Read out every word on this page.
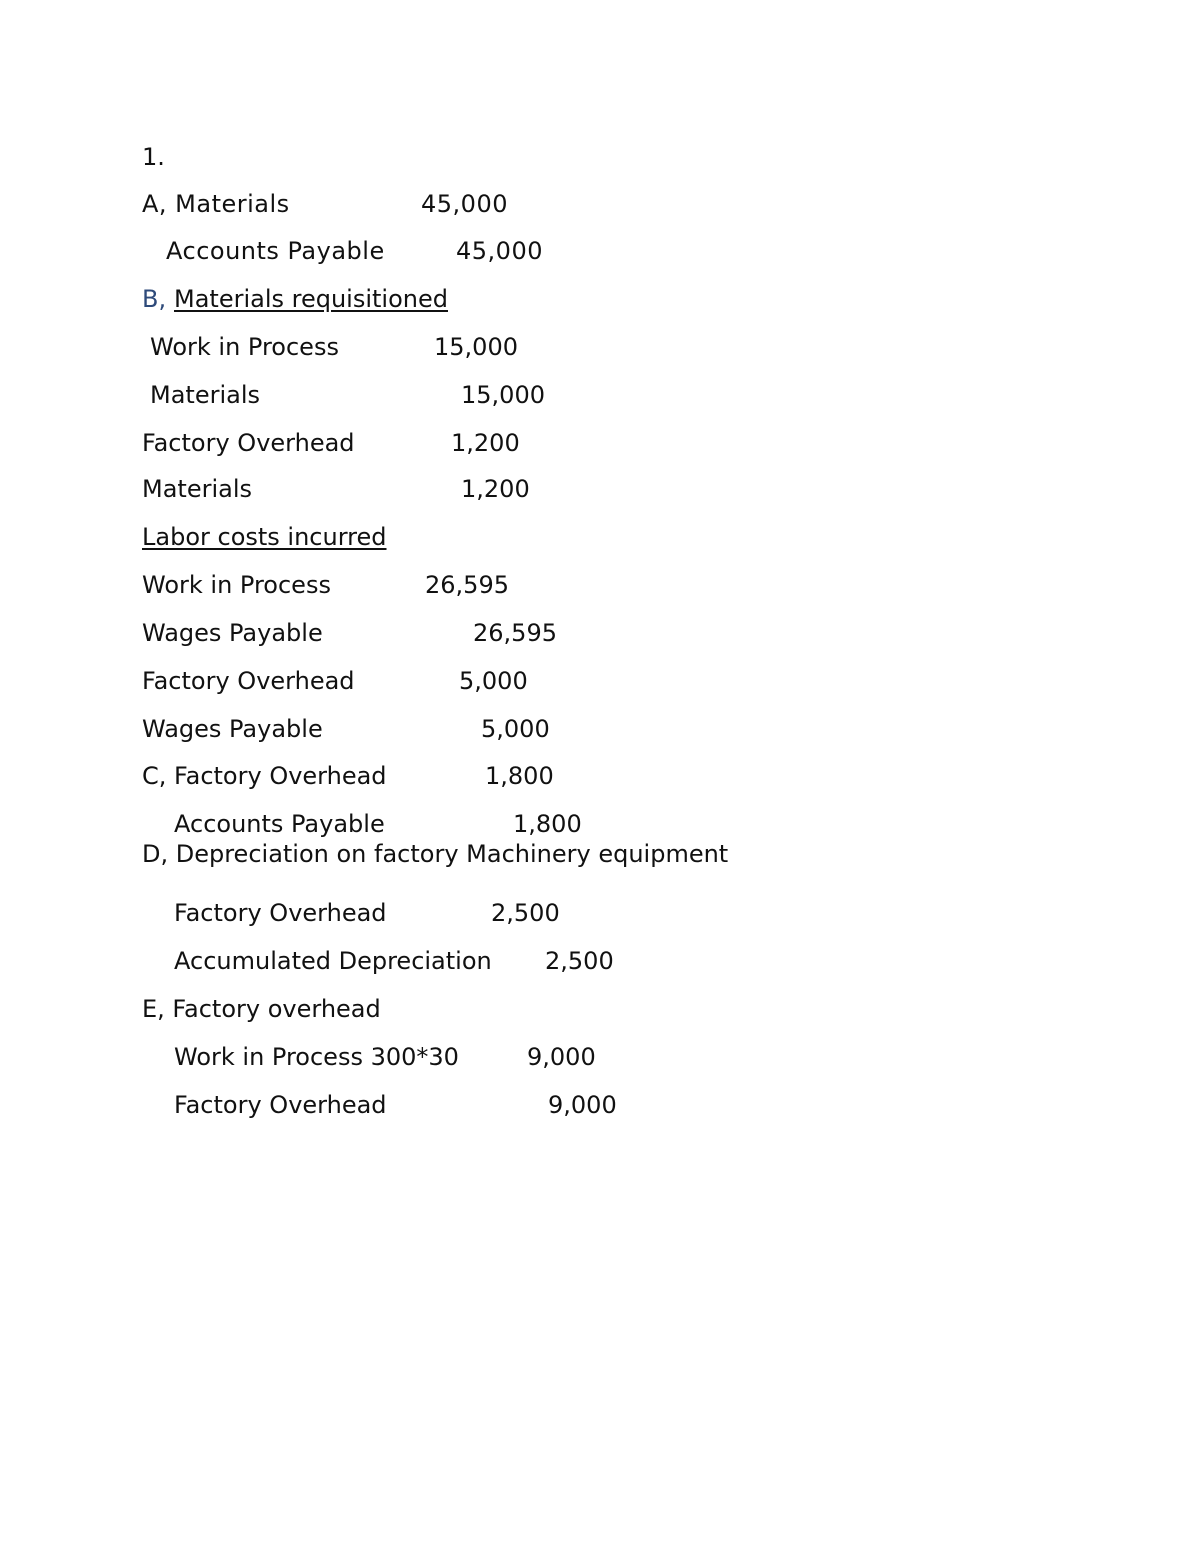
1.
A, Materials	45,000
Accounts Payable	45,000
B, Materials requisitioned
Work in Process	15,000
Materials	15,000
Factory Overhead	1,200
Materials	1,200
Labor costs incurred
Work in Process	26,595
Wages Payable	26,595
Factory Overhead	5,000
Wages Payable	5,000
C, Factory Overhead	1,800
Accounts Payable	1,800
D, Depreciation on factory Machinery equipment
Factory Overhead	2,500
Accumulated Depreciation 2,500
E, Factory overhead
Work in Process 300*30	9,000
Factory Overhead	9,000
